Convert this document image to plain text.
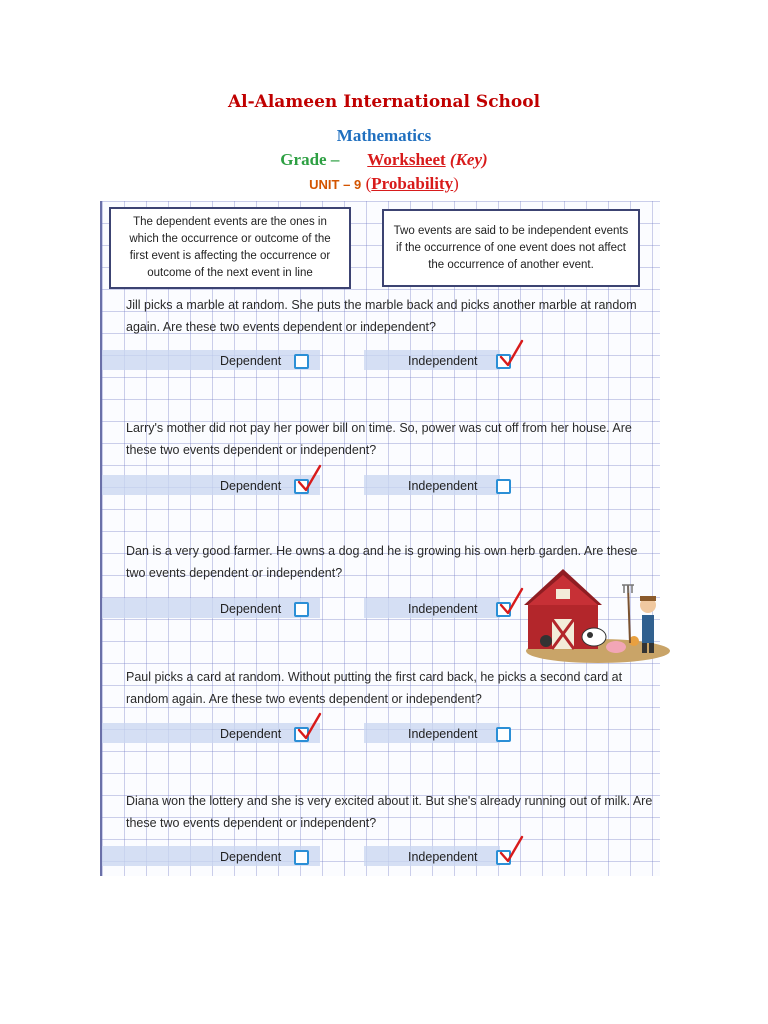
Al-Alameen International School
Mathematics
Grade – Worksheet (Key)
UNIT – 9 (Probability)
The dependent events are the ones in which the occurrence or outcome of the first event is affecting the occurrence or outcome of the next event in line
Two events are said to be independent events if the occurrence of one event does not affect the occurrence of another event.
Jill picks a marble at random. She puts the marble back and picks another marble at random again. Are these two events dependent or independent?
Dependent	Independent
Larry's mother did not pay her power bill on time. So, power was cut off from her house. Are these two events dependent or independent?
Dependent	Independent
Dan is a very good farmer. He owns a dog and he is growing his own herb garden. Are these two events dependent or independent?
Dependent	Independent
Paul picks a card at random. Without putting the first card back, he picks a second card at random again. Are these two events dependent or independent?
Dependent	Independent
Diana won the lottery and she is very excited about it. But she's already running out of milk. Are these two events dependent or independent?
Dependent	Independent
